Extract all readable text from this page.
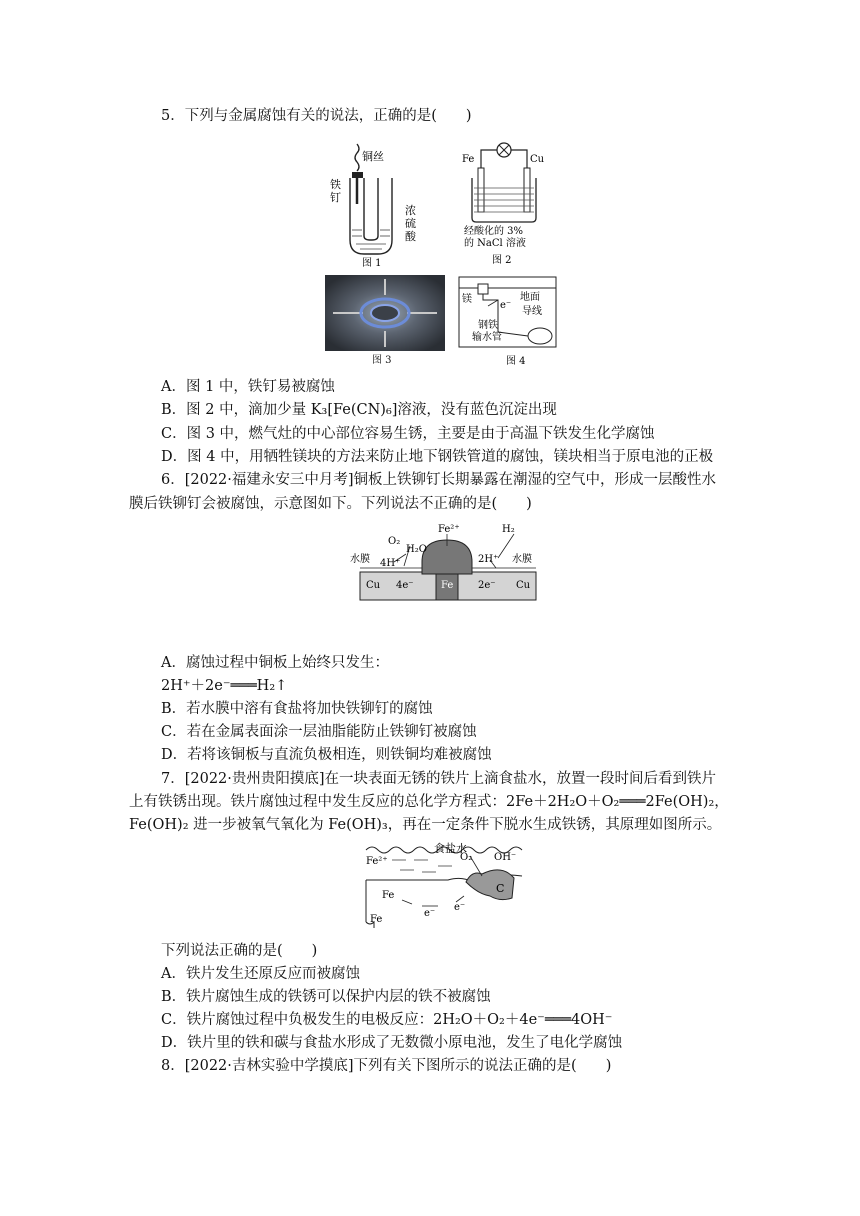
5．下列与金属腐蚀有关的说法，正确的是(　　)
铜丝
铁
钉
浓
硫
酸
图 1
Fe	Cu
经酸化的 3%
的 NaCl 溶液
图 2
图 3
镁
e⁻
地面
导线
钢铁
输水管
图 4
A．图 1 中，铁钉易被腐蚀
B．图 2 中，滴加少量 K₃[Fe(CN)₆]溶液，没有蓝色沉淀出现
C．图 3 中，燃气灶的中心部位容易生锈，主要是由于高温下铁发生化学腐蚀
D．图 4 中，用牺牲镁块的方法来防止地下钢铁管道的腐蚀，镁块相当于原电池的正极
6．[2022·福建永安三中月考]铜板上铁铆钉长期暴露在潮湿的空气中，形成一层酸性水
膜后铁铆钉会被腐蚀，示意图如下。下列说法不正确的是(　　)
O₂
H₂O
Fe²⁺	H₂
4H⁺	2H⁺
水膜	水膜
Cu	Cu
4e⁻	2e⁻
Fe
A．腐蚀过程中铜板上始终只发生：
2H⁺＋2e⁻═══H₂↑
B．若水膜中溶有食盐将加快铁铆钉的腐蚀
C．若在金属表面涂一层油脂能防止铁铆钉被腐蚀
D．若将该铜板与直流负极相连，则铁铜均难被腐蚀
7．[2022·贵州贵阳摸底]在一块表面无锈的铁片上滴食盐水，放置一段时间后看到铁片
上有铁锈出现。铁片腐蚀过程中发生反应的总化学方程式：2Fe＋2H₂O＋O₂═══2Fe(OH)₂，
Fe(OH)₂ 进一步被氧气氧化为 Fe(OH)₃，再在一定条件下脱水生成铁锈，其原理如图所示。
食盐水
Fe²⁺	O₂ OH⁻
C
Fe
Fe
e⁻
e⁻
下列说法正确的是(　　)
A．铁片发生还原反应而被腐蚀
B．铁片腐蚀生成的铁锈可以保护内层的铁不被腐蚀
C．铁片腐蚀过程中负极发生的电极反应：2H₂O＋O₂＋4e⁻═══4OH⁻
D．铁片里的铁和碳与食盐水形成了无数微小原电池，发生了电化学腐蚀
8．[2022·吉林实验中学摸底]下列有关下图所示的说法正确的是(　　)
